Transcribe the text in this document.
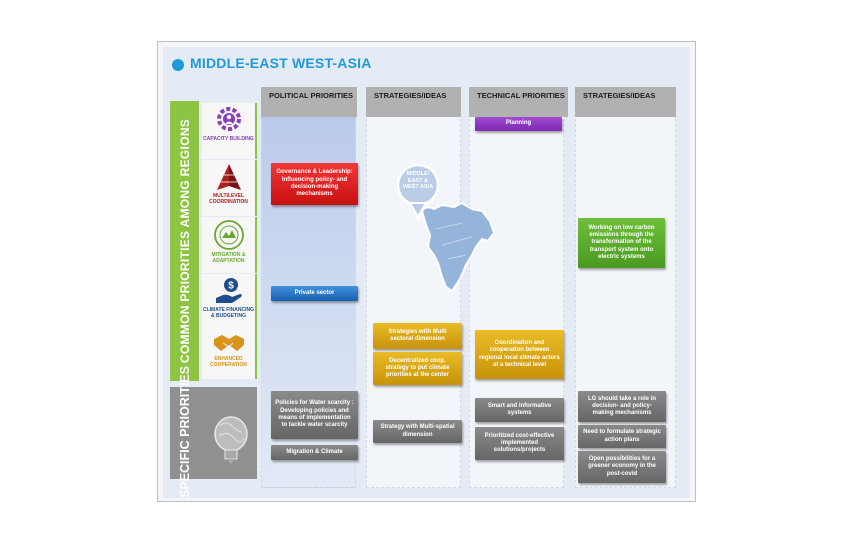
MIDDLE-EAST WEST-ASIA
POLITICAL PRIORITIES	STRATEGIES/IDEAS	TECHNICAL PRIORITIES	STRATEGIES/IDEAS
COMMON PRIORITIES AMONG REGIONS
SPECIFIC PRIORITIES
CAPACITY BUILDING
MULTILEVEL COORDINATION
MITIGATION & ADAPTATION
$
CLIMATE FINANCING & BUDGETING
ENHANCED COOPERATION
MIDDLE/ EAST & WEST ASIA
Planning
Governance & Leadership: Influencing policy- and decision-making mechanisms
Private sector
Working on low carbon emissions through the transformation of the transport system onto electric systems
Strategies with Multi sectoral dimension
Decentralized coop. strategy to put climate priorities at the center
Coordination and cooperation between regional local climate actors at a technical level
Policies for Water scarcity : Developing policies and means of implementation to tackle water scarcity
Migration & Climate
Strategy with Multi-spatial dimension
Smart and informative systems
Prioritized cost-effective implemented solutions/projects
LG should take a role in decision- and policy-making mechanisms
Need to formulate strategic action plans
Open possibilities for a greener economy in the post-covid
